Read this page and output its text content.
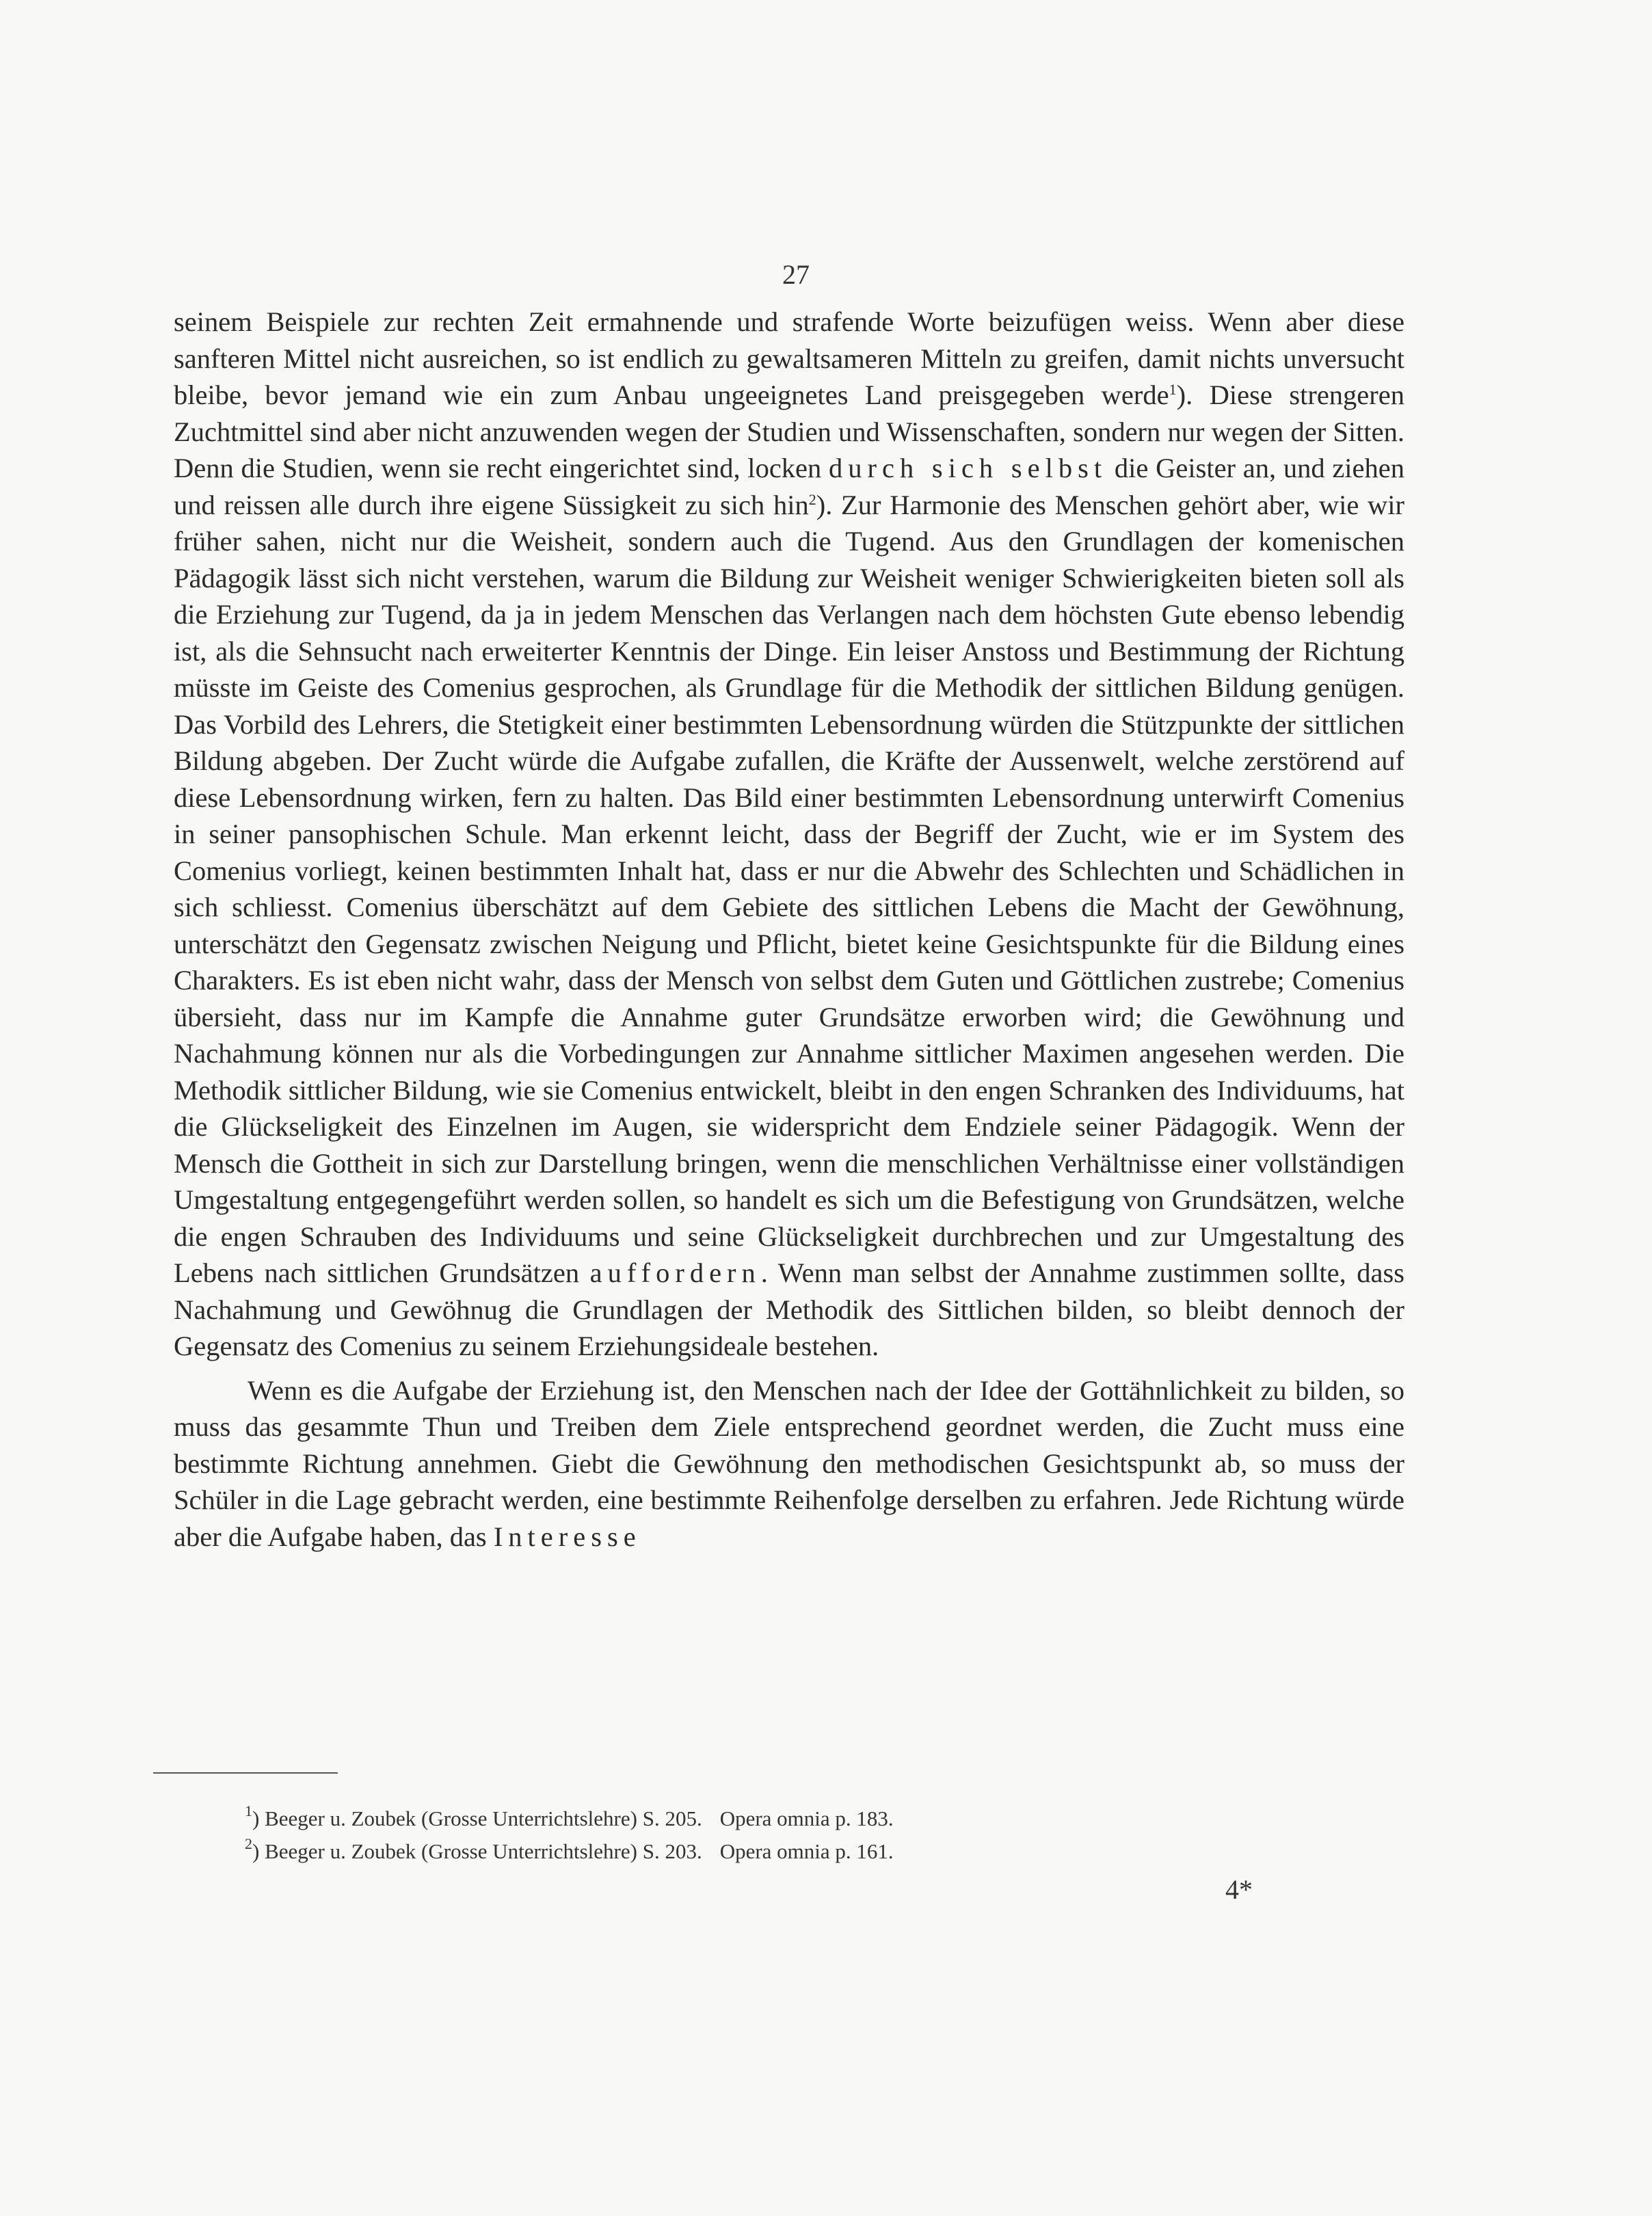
27

seinem Beispiele zur rechten Zeit ermahnende und strafende Worte beizufügen weiss. Wenn aber diese sanfteren Mittel nicht ausreichen, so ist endlich zu gewaltsameren Mitteln zu greifen, damit nichts unversucht bleibe, bevor jemand wie ein zum Anbau ungeeignetes Land preisgegeben werde$^1$). Diese strengeren Zuchtmittel sind aber nicht anzuwenden wegen der Studien und Wissenschaften, sondern nur wegen der Sitten. Denn die Studien, wenn sie recht eingerichtet sind, locken durch sich selbst die Geister an, und ziehen und reissen alle durch ihre eigene Süssigkeit zu sich hin$^2$). Zur Harmonie des Menschen gehört aber, wie wir früher sahen, nicht nur die Weisheit, sondern auch die Tugend. Aus den Grundlagen der komenischen Pädagogik lässt sich nicht verstehen, warum die Bildung zur Weisheit weniger Schwierigkeiten bieten soll als die Erziehung zur Tugend, da ja in jedem Menschen das Verlangen nach dem höchsten Gute ebenso lebendig ist, als die Sehnsucht nach erweiterter Kenntnis der Dinge. Ein leiser Anstoss und Bestimmung der Richtung müsste im Geiste des Comenius gesprochen, als Grundlage für die Methodik der sittlichen Bildung genügen. Das Vorbild des Lehrers, die Stetigkeit einer bestimmten Lebensordnung würden die Stützpunkte der sittlichen Bildung abgeben. Der Zucht würde die Aufgabe zufallen, die Kräfte der Aussenwelt, welche zerstörend auf diese Lebensordnung wirken, fern zu halten. Das Bild einer bestimmten Lebensordnung unterwirft Comenius in seiner pansophischen Schule. Man erkennt leicht, dass der Begriff der Zucht, wie er im System des Comenius vorliegt, keinen bestimmten Inhalt hat, dass er nur die Abwehr des Schlechten und Schädlichen in sich schliesst. Comenius überschätzt auf dem Gebiete des sittlichen Lebens die Macht der Gewöhnung, unterschätzt den Gegensatz zwischen Neigung und Pflicht, bietet keine Gesichtspunkte für die Bildung eines Charakters. Es ist eben nicht wahr, dass der Mensch von selbst dem Guten und Göttlichen zustrebe; Comenius übersieht, dass nur im Kampfe die Annahme guter Grundsätze erworben wird; die Gewöhnung und Nachahmung können nur als die Vorbedingungen zur Annahme sittlicher Maximen angesehen werden. Die Methodik sittlicher Bildung, wie sie Comenius entwickelt, bleibt in den engen Schranken des Individuums, hat die Glückseligkeit des Einzelnen im Augen, sie widerspricht dem Endziele seiner Pädagogik. Wenn der Mensch die Gottheit in sich zur Darstellung bringen, wenn die menschlichen Verhältnisse einer vollständigen Umgestaltung entgegengeführt werden sollen, so handelt es sich um die Befestigung von Grundsätzen, welche die engen Schrauben des Individuums und seine Glückseligkeit durchbrechen und zur Umgestaltung des Lebens nach sittlichen Grundsätzen auffordern. Wenn man selbst der Annahme zustimmen sollte, dass Nachahmung und Gewöhnug die Grundlagen der Methodik des Sittlichen bilden, so bleibt dennoch der Gegensatz des Comenius zu seinem Erziehungsideale bestehen.

Wenn es die Aufgabe der Erziehung ist, den Menschen nach der Idee der Gottähnlichkeit zu bilden, so muss das gesammte Thun und Treiben dem Ziele entsprechend geordnet werden, die Zucht muss eine bestimmte Richtung annehmen. Giebt die Gewöhnung den methodischen Gesichtspunkt ab, so muss der Schüler in die Lage gebracht werden, eine bestimmte Reihenfolge derselben zu erfahren. Jede Richtung würde aber die Aufgabe haben, das Interesse

$^1$) Beeger u. Zoubek (Grosse Unterrichtslehre) S. 205. Opera omnia p. 183.
$^2$) Beeger u. Zoubek (Grosse Unterrichtslehre) S. 203. Opera omnia p. 161.
4*
